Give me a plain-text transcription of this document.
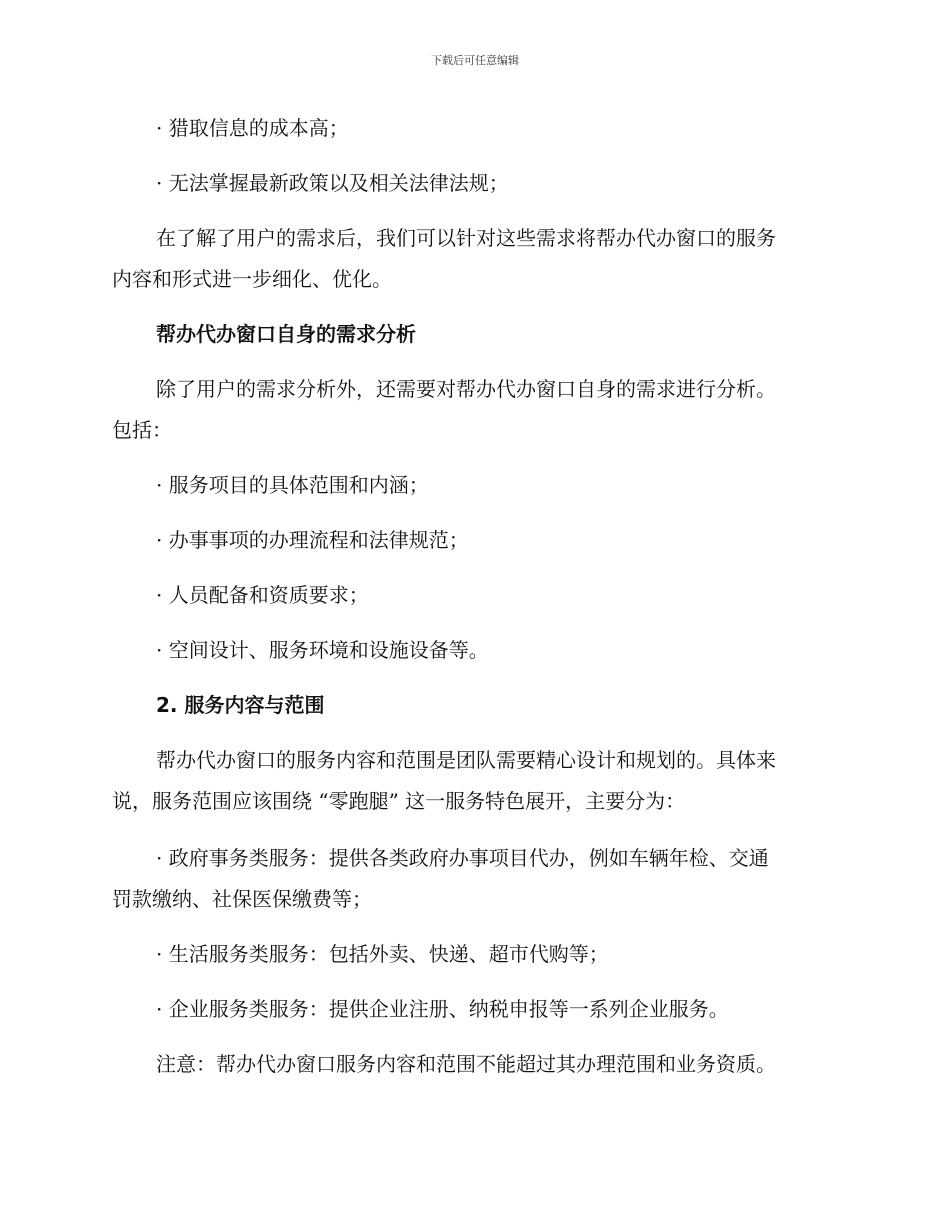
下载后可任意编辑
· 猎取信息的成本高；
· 无法掌握最新政策以及相关法律法规；
在了解了用户的需求后，我们可以针对这些需求将帮办代办窗口的服务
内容和形式进一步细化、优化。
帮办代办窗口自身的需求分析
除了用户的需求分析外，还需要对帮办代办窗口自身的需求进行分析。
包括：
· 服务项目的具体范围和内涵；
· 办事事项的办理流程和法律规范；
· 人员配备和资质要求；
· 空间设计、服务环境和设施设备等。
2. 服务内容与范围
帮办代办窗口的服务内容和范围是团队需要精心设计和规划的。具体来
说，服务范围应该围绕 “零跑腿” 这一服务特色展开，主要分为：
· 政府事务类服务：提供各类政府办事项目代办，例如车辆年检、交通
罚款缴纳、社保医保缴费等；
· 生活服务类服务：包括外卖、快递、超市代购等；
· 企业服务类服务：提供企业注册、纳税申报等一系列企业服务。
注意：帮办代办窗口服务内容和范围不能超过其办理范围和业务资质。
